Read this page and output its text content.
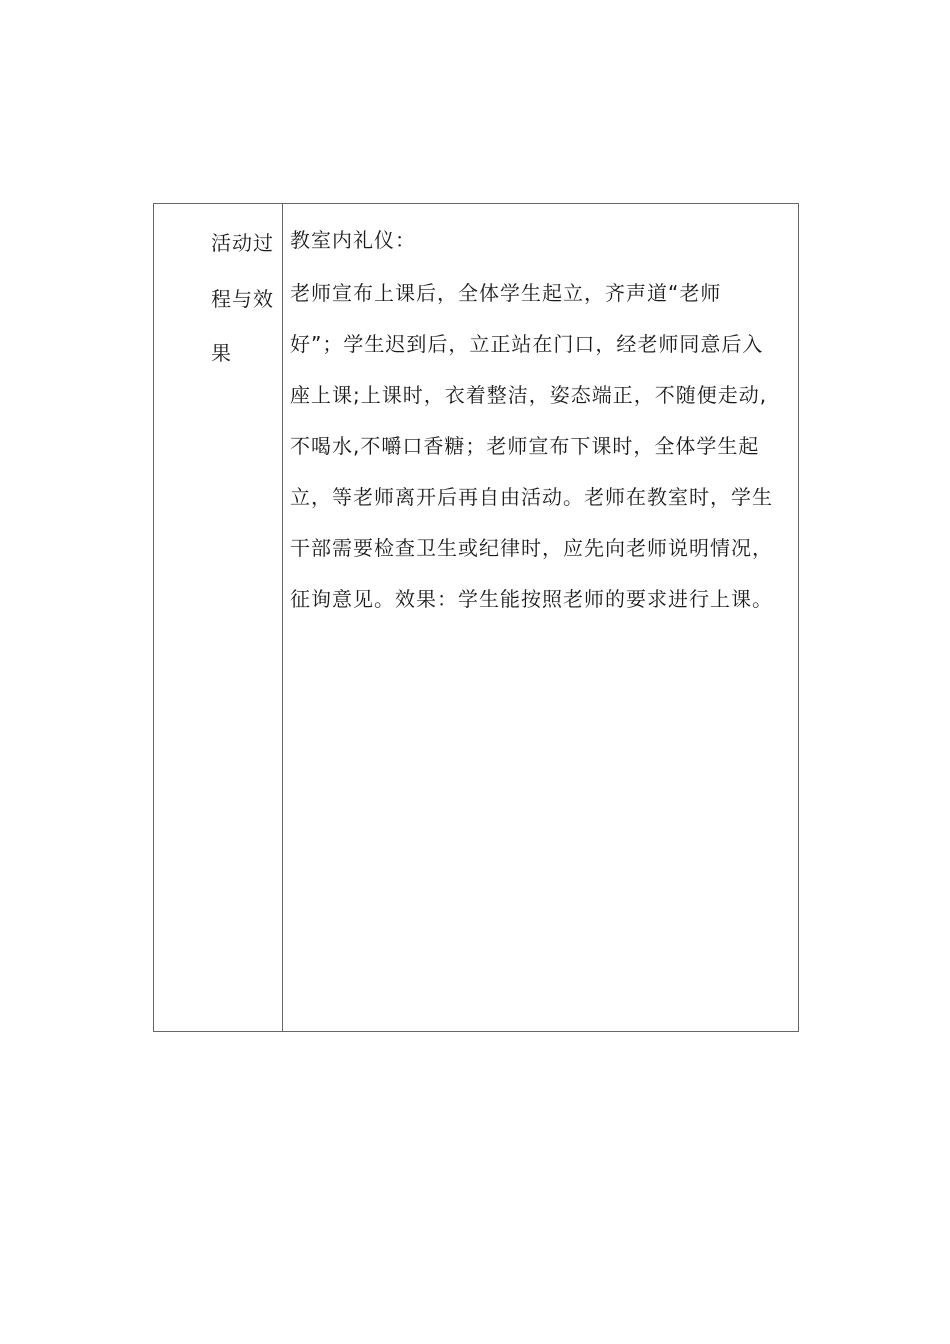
活动过
程与效
果
教室内礼仪：
老师宣布上课后，全体学生起立，齐声道“老师
好”；学生迟到后，立正站在门口，经老师同意后入
座上课;上课时，衣着整洁，姿态端正，不随便走动,
不喝水,不嚼口香糖；老师宣布下课时，全体学生起
立，等老师离开后再自由活动。老师在教室时，学生
干部需要检查卫生或纪律时，应先向老师说明情况，
征询意见。效果：学生能按照老师的要求进行上课。
